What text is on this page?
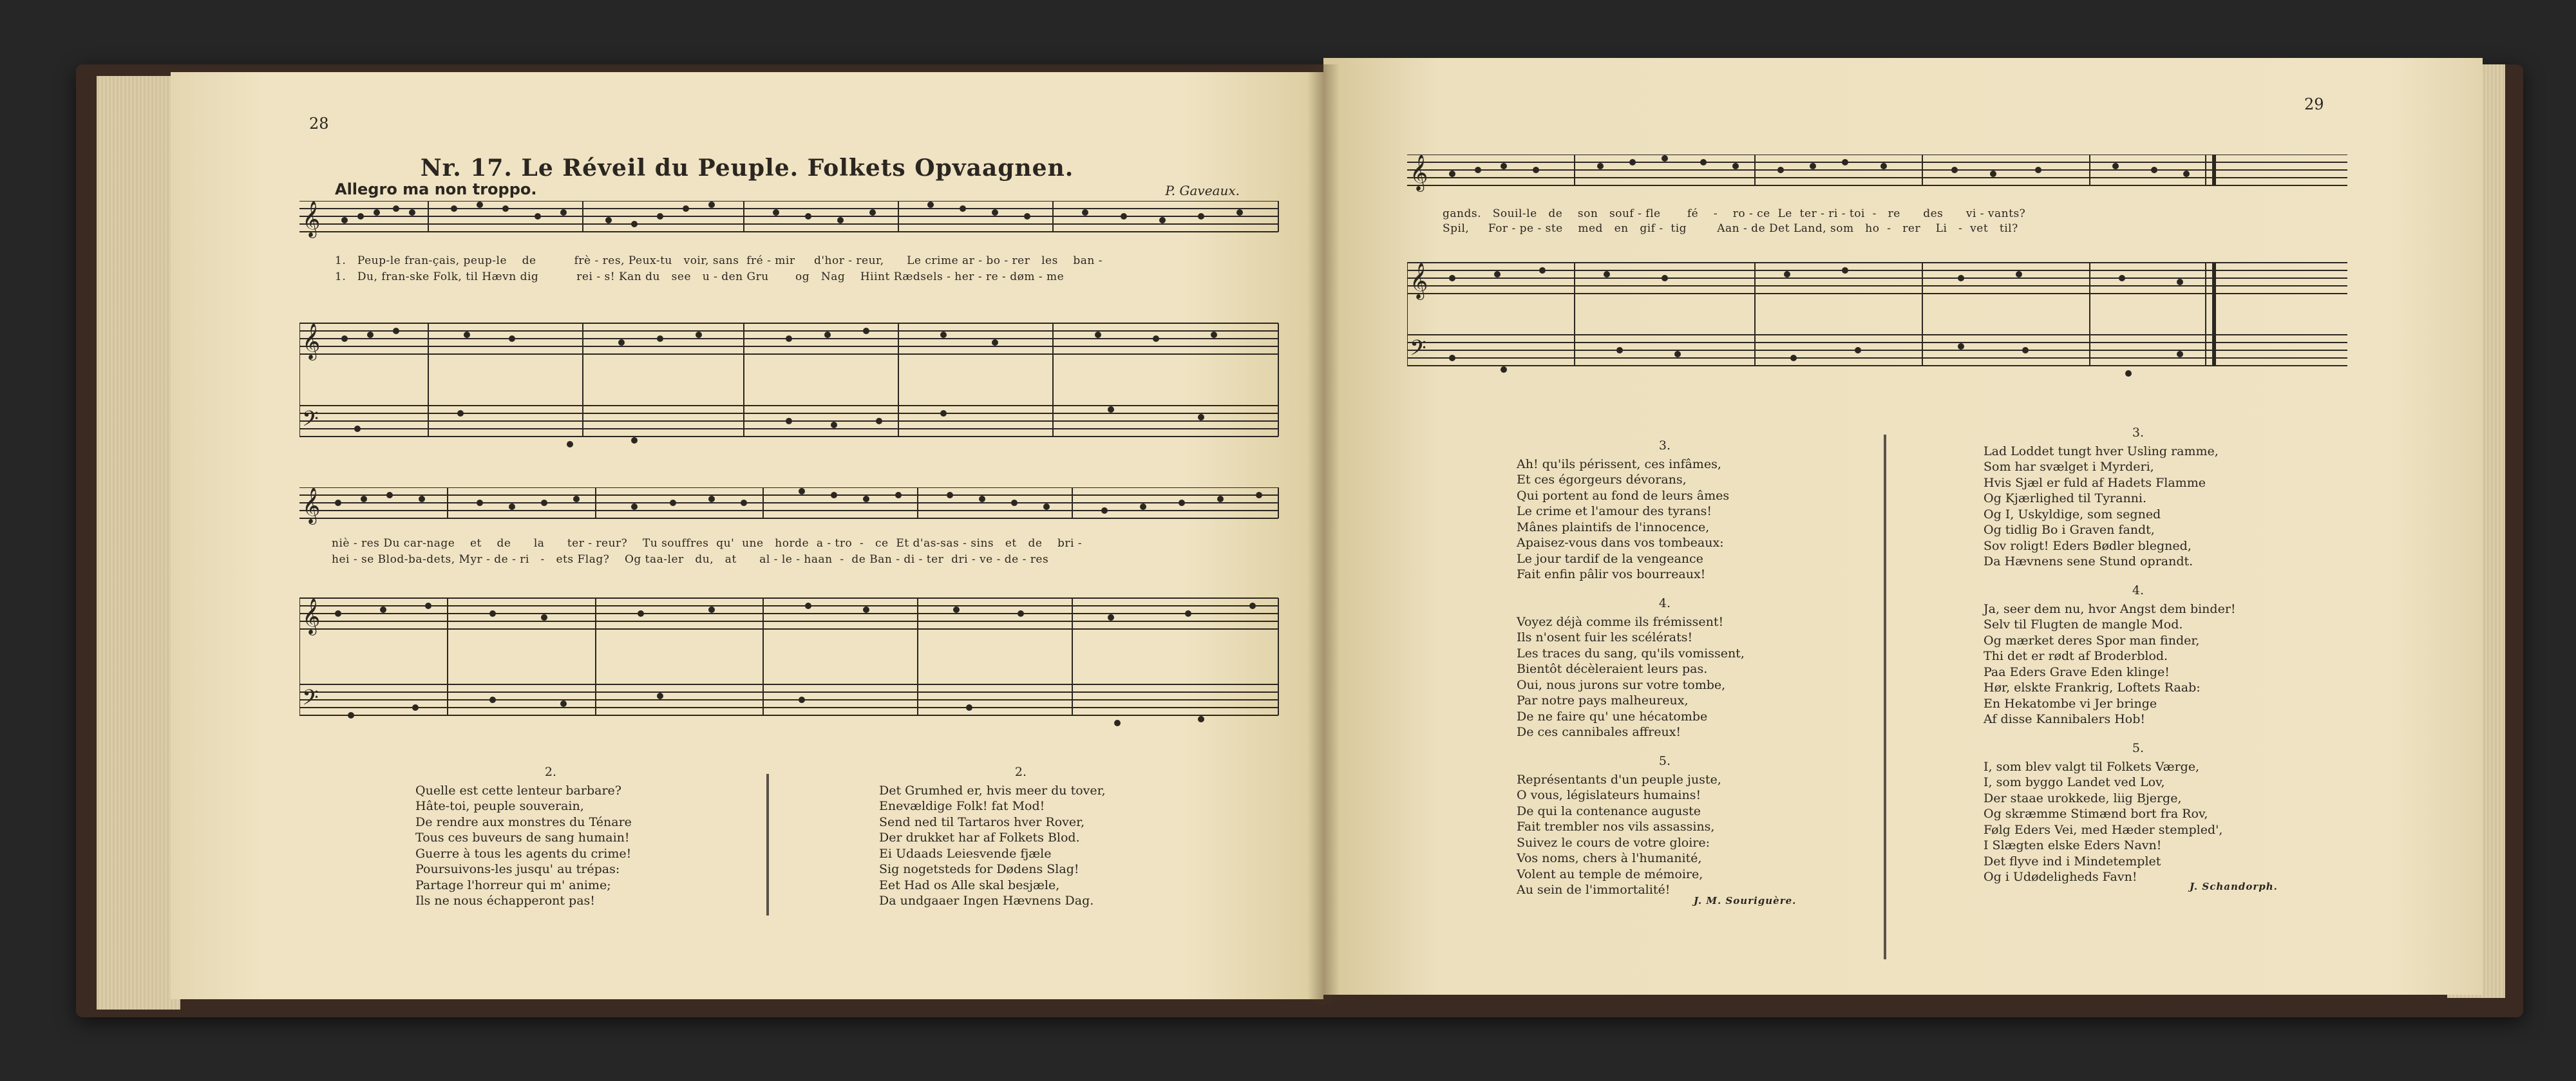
28
Nr. 17. Le Réveil du Peuple. Folkets Opvaagnen.
Allegro ma non troppo.	P. Gaveaux.
𝄞
𝄞
𝄢
1.   Peup-le fran-çais, peup-le    de          frè - res, Peux-tu   voir, sans  fré - mir     d'hor - reur,      Le crime ar - bo - rer   les    ban -
1.   Du, fran-ske Folk, til Hævn dig          rei - s! Kan du   see   u - den Gru       og   Nag    Hiint Rædsels - her - re - døm - me
𝄞
𝄞
𝄢
niè - res Du car-nage    et    de      la      ter - reur?    Tu souffres  qu'  une   horde  a - tro  -   ce  Et d'as-sas - sins   et   de    bri -
hei - se Blod-ba-dets, Myr - de - ri   -   ets Flag?    Og taa-ler   du,   at      al - le - haan  -  de Ban - di - ter  dri - ve - de - res
2.
Quelle est cette lenteur barbare?
Hâte-toi, peuple souverain,
De rendre aux monstres du Ténare
Tous ces buveurs de sang humain!
Guerre à tous les agents du crime!
Poursuivons-les jusqu' au trépas:
Partage l'horreur qui m' anime;
Ils ne nous échapperont pas!
2.
Det Grumhed er, hvis meer du tover,
Enevældige Folk! fat Mod!
Send ned til Tartaros hver Rover,
Der drukket har af Folkets Blod.
Ei Udaads Leiesvende fjæle
Sig nogetsteds for Dødens Slag!
Eet Had os Alle skal besjæle,
Da undgaaer Ingen Hævnens Dag.
29
𝄞
𝄞
𝄢
gands.   Souil-le   de    son   souf - fle       fé    -    ro - ce  Le  ter - ri - toi  -   re      des      vi - vants?
Spil,     For - pe - ste    med   en   gif -  tig        Aan - de Det Land, som   ho  -   rer    Li   -  vet   til?
3.
Ah! qu'ils périssent, ces infâmes,
Et ces égorgeurs dévorans,
Qui portent au fond de leurs âmes
Le crime et l'amour des tyrans!
Mânes plaintifs de l'innocence,
Apaisez-vous dans vos tombeaux:
Le jour tardif de la vengeance
Fait enfin pâlir vos bourreaux!
4.
Voyez déjà comme ils frémissent!
Ils n'osent fuir les scélérats!
Les traces du sang, qu'ils vomissent,
Bientôt décèleraient leurs pas.
Oui, nous jurons sur votre tombe,
Par notre pays malheureux,
De ne faire qu' une hécatombe
De ces cannibales affreux!
5.
Représentants d'un peuple juste,
O vous, législateurs humains!
De qui la contenance auguste
Fait trembler nos vils assassins,
Suivez le cours de votre gloire:
Vos noms, chers à l'humanité,
Volent au temple de mémoire,
Au sein de l'immortalité!
J. M. Souriguère.
3.
Lad Loddet tungt hver Usling ramme,
Som har svælget i Myrderi,
Hvis Sjæl er fuld af Hadets Flamme
Og Kjærlighed til Tyranni.
Og I, Uskyldige, som segned
Og tidlig Bo i Graven fandt,
Sov roligt! Eders Bødler blegned,
Da Hævnens sene Stund oprandt.
4.
Ja, seer dem nu, hvor Angst dem binder!
Selv til Flugten de mangle Mod.
Og mærket deres Spor man finder,
Thi det er rødt af Broderblod.
Paa Eders Grave Eden klinge!
Hør, elskte Frankrig, Loftets Raab:
En Hekatombe vi Jer bringe
Af disse Kannibalers Hob!
5.
I, som blev valgt til Folkets Værge,
I, som byggo Landet ved Lov,
Der staae urokkede, liig Bjerge,
Og skræmme Stimænd bort fra Rov,
Følg Eders Vei, med Hæder stempled',
I Slægten elske Eders Navn!
Det flyve ind i Mindetemplet
Og i Udødeligheds Favn!
J. Schandorph.
